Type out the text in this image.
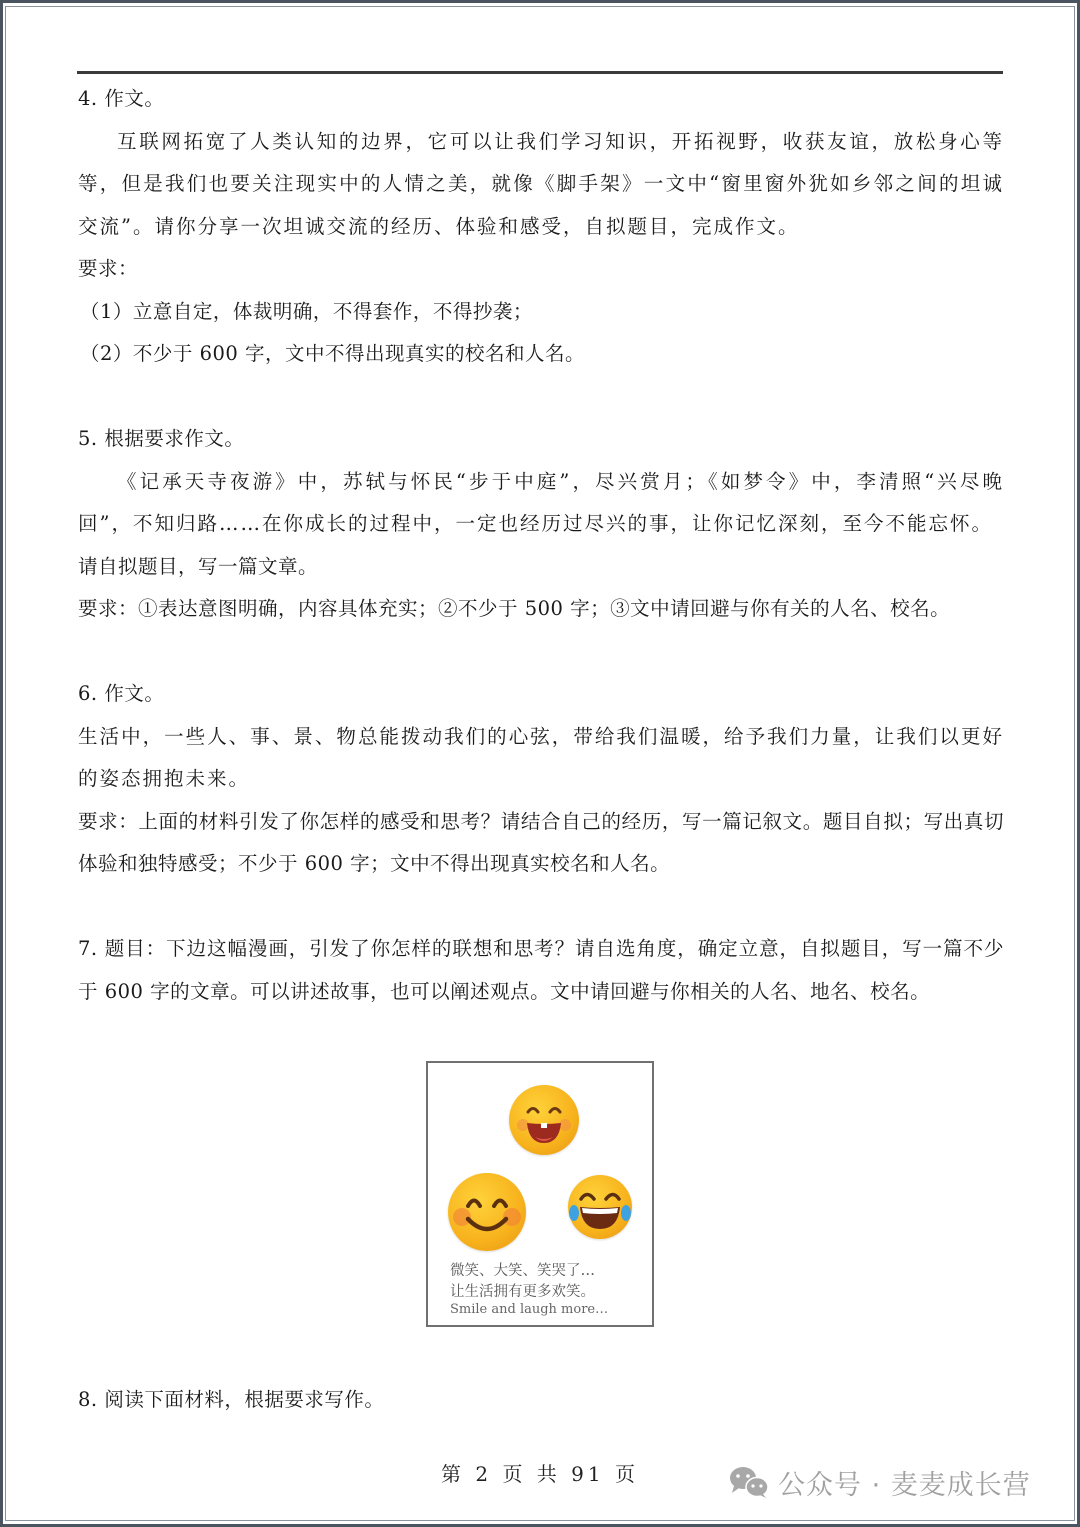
4. 作文。

互联网拓宽了人类认知的边界，它可以让我们学习知识，开拓视野，收获友谊，放松身心等等，但是我们也要关注现实中的人情之美，就像《脚手架》一文中“窗里窗外犹如乡邻之间的坦诚交流”。请你分享一次坦诚交流的经历、体验和感受，自拟题目，完成作文。

要求：

（1）立意自定，体裁明确，不得套作，不得抄袭；

（2）不少于 600 字，文中不得出现真实的校名和人名。

5. 根据要求作文。

《记承天寺夜游》中，苏轼与怀民“步于中庭”，尽兴赏月；《如梦令》中，李清照“兴尽晚回”，不知归路……在你成长的过程中，一定也经历过尽兴的事，让你记忆深刻，至今不能忘怀。

请自拟题目，写一篇文章。

要求：①表达意图明确，内容具体充实；②不少于 500 字；③文中请回避与你有关的人名、校名。

6. 作文。

生活中，一些人、事、景、物总能拨动我们的心弦，带给我们温暖，给予我们力量，让我们以更好的姿态拥抱未来。

要求：上面的材料引发了你怎样的感受和思考？请结合自己的经历，写一篇记叙文。题目自拟；写出真切体验和独特感受；不少于 600 字；文中不得出现真实校名和人名。

7. 题目：下边这幅漫画，引发了你怎样的联想和思考？请自选角度，确定立意，自拟题目，写一篇不少于 600 字的文章。可以讲述故事，也可以阐述观点。文中请回避与你相关的人名、地名、校名。

微笑、大笑、笑哭了…
让生活拥有更多欢笑。
Smile and laugh more…

8. 阅读下面材料，根据要求写作。

第 2 页 共 91 页	公众号 · 麦麦成长营
